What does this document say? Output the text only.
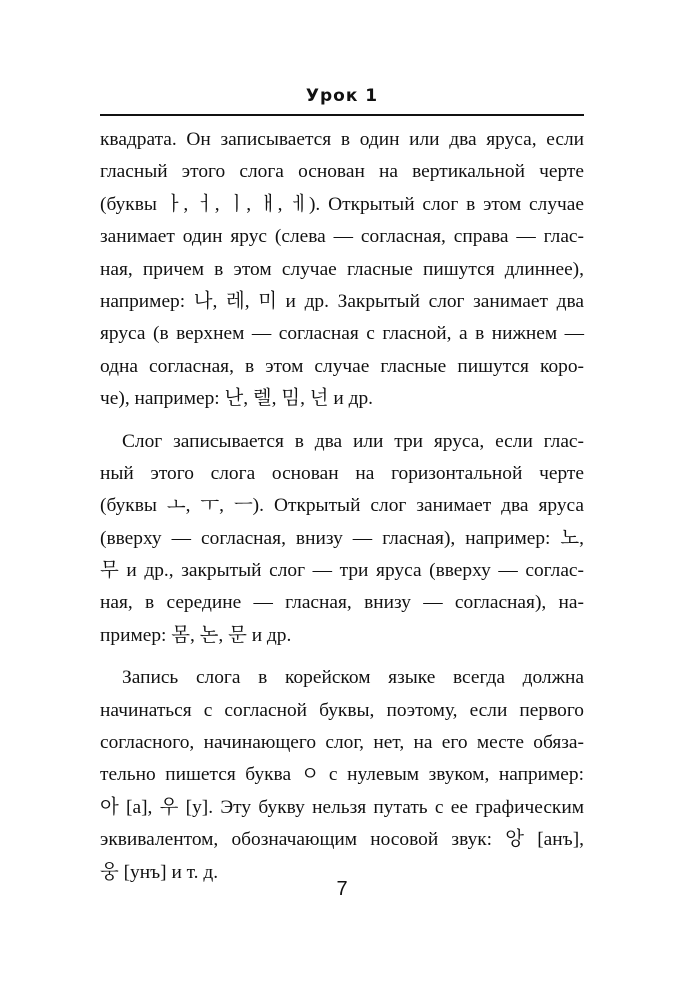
Урок 1
квадрата. Он записывается в один или два яруса, если
гласный этого слога основан на вертикальной черте
(буквы ㅏ, ㅓ, ㅣ, ㅐ, ㅔ). Открытый слог в этом случае
занимает один ярус (слева — согласная, справа — глас-
ная, причем в этом случае гласные пишутся длиннее),
например: 나, 레, 미 и др. Закрытый слог занимает два
яруса (в верхнем — согласная с гласной, а в нижнем —
одна согласная, в этом случае гласные пишутся коро-
че), например: 난, 렐, 밈, 넌 и др.
Слог записывается в два или три яруса, если глас-
ный этого слога основан на горизонтальной черте
(буквы ㅗ, ㅜ, ㅡ). Открытый слог занимает два яруса
(вверху — согласная, внизу — гласная), например: 노,
무 и др., закрытый слог — три яруса (вверху — соглас-
ная, в середине — гласная, внизу — согласная), на-
пример: 몸, 논, 문 и др.
Запись слога в корейском языке всегда должна
начинаться с согласной буквы, поэтому, если первого
согласного, начинающего слог, нет, на его месте обяза-
тельно пишется буква ㅇ с нулевым звуком, например:
아 [а], 우 [у]. Эту букву нельзя путать с ее графическим
эквивалентом, обозначающим носовой звук: 앙 [анъ],
웅 [унъ] и т. д.
7
